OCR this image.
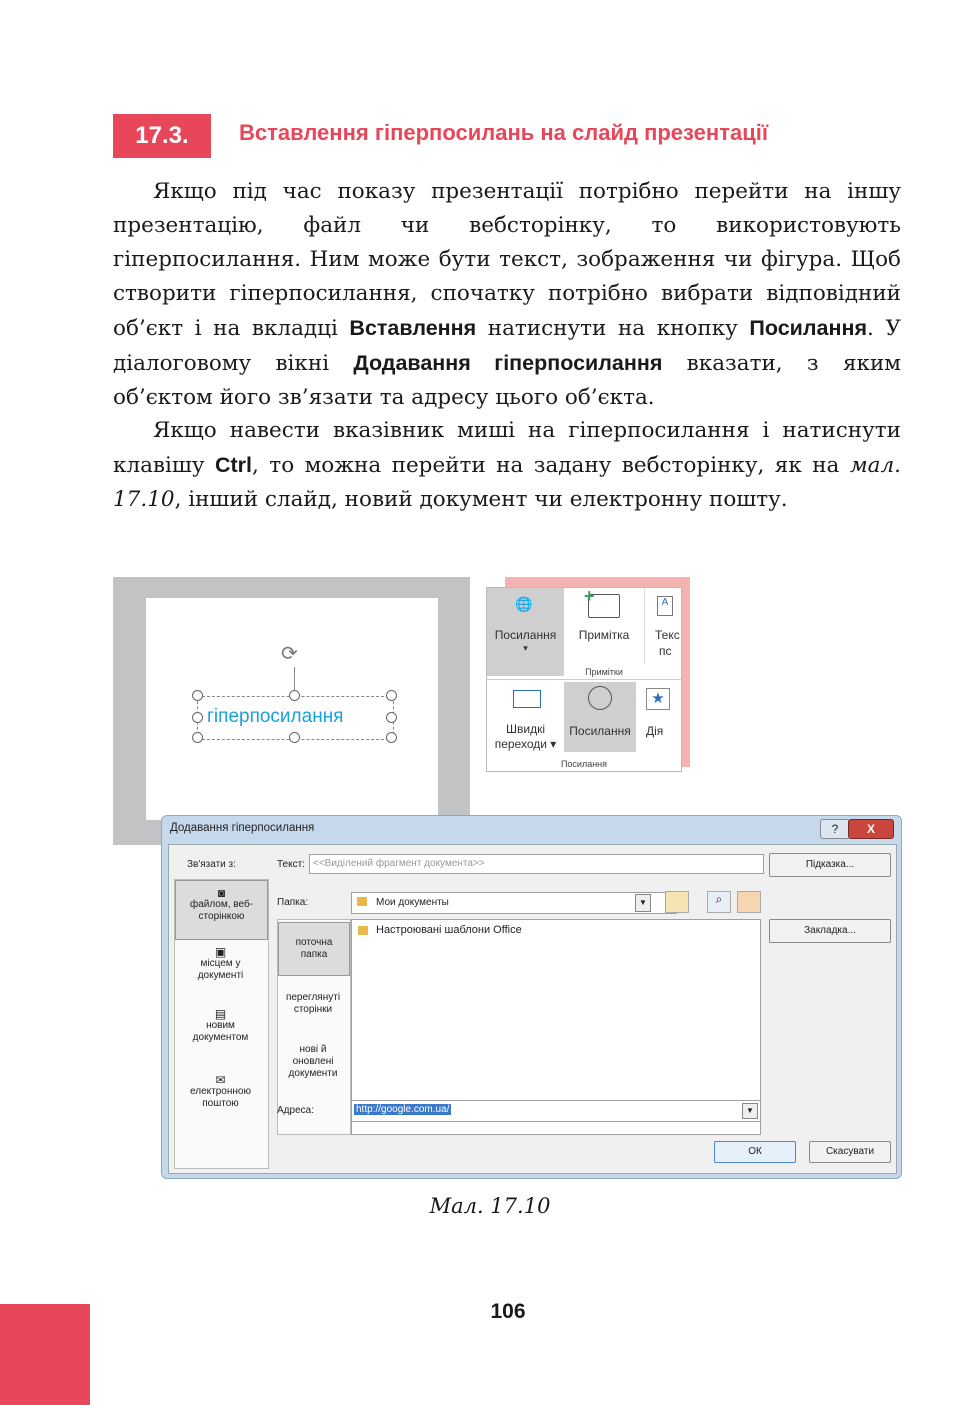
17.3.	Вставлення гіперпосилань на слайд презентації

Якщо під час показу презентації потрібно перейти на іншу презентацію, файл чи вебсторінку, то використовують гіперпосилання. Ним може бути текст, зображення чи фігура. Щоб створити гіперпосилання, спочатку потрібно вибрати відповідний об’єкт і на вкладці Вставлення натиснути на кнопку Посилання. У діалоговому вікні Додавання гіперпосилання вказати, з яким об’єктом його зв’язати та адресу цього об’єкта.

Якщо навести вказівник миші на гіперпосилання і натиснути клавішу Ctrl, то можна перейти на задану вебсторінку, як на мал. 17.10, інший слайд, новий документ чи електронну пошту.

⟳
гіперпосилання
🌐
Посилання
▾
+
Примітка
Примітки
A
Текс
пс
Швидкі
переходи ▾
Посилання
★
Дія
Посилання
Додавання гіперпосилання	?	X
Зв'язати з:	Текст: <<Виділений фрагмент документа>>	Підказка...
◙
файлом, веб-
сторінкою
▣
місцем у
документі
▤
новим
документом
✉
електронною
поштою
Папка:	Мои документы	▼	⌕
Закладка...
поточна
папка
переглянуті
сторінки
нові й
оновлені
документи
Настроювані шаблони Office
Адреса:	http://google.com.ua/	▼
ОК	Скасувати
Мал. 17.10
106
